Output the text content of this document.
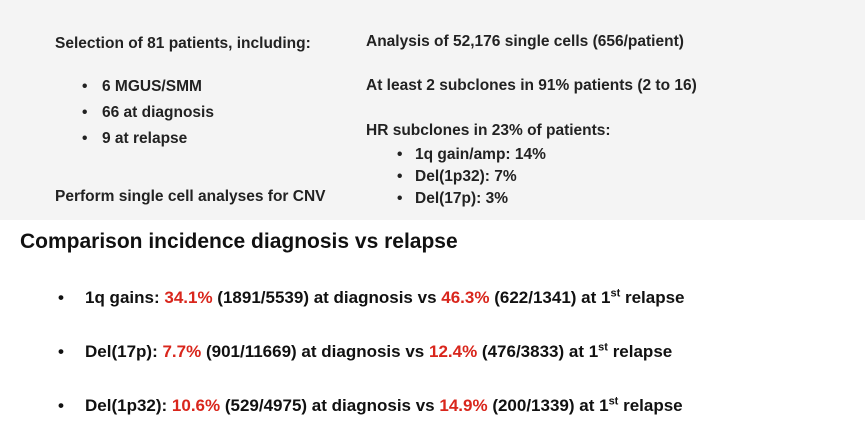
Selection of 81 patients, including:
• 6 MGUS/SMM
• 66 at diagnosis
• 9 at relapse
Perform single cell analyses for CNV
Analysis of 52,176 single cells (656/patient)
At least 2 subclones in 91% patients (2 to 16)
HR subclones in 23% of patients:
• 1q gain/amp: 14%
• Del(1p32): 7%
• Del(17p): 3%
Comparison incidence diagnosis vs relapse
• 1q gains: 34.1% (1891/5539) at diagnosis vs 46.3% (622/1341) at 1st relapse
• Del(17p): 7.7% (901/11669) at diagnosis vs 12.4% (476/3833) at 1st relapse
• Del(1p32): 10.6% (529/4975) at diagnosis vs 14.9% (200/1339) at 1st relapse
